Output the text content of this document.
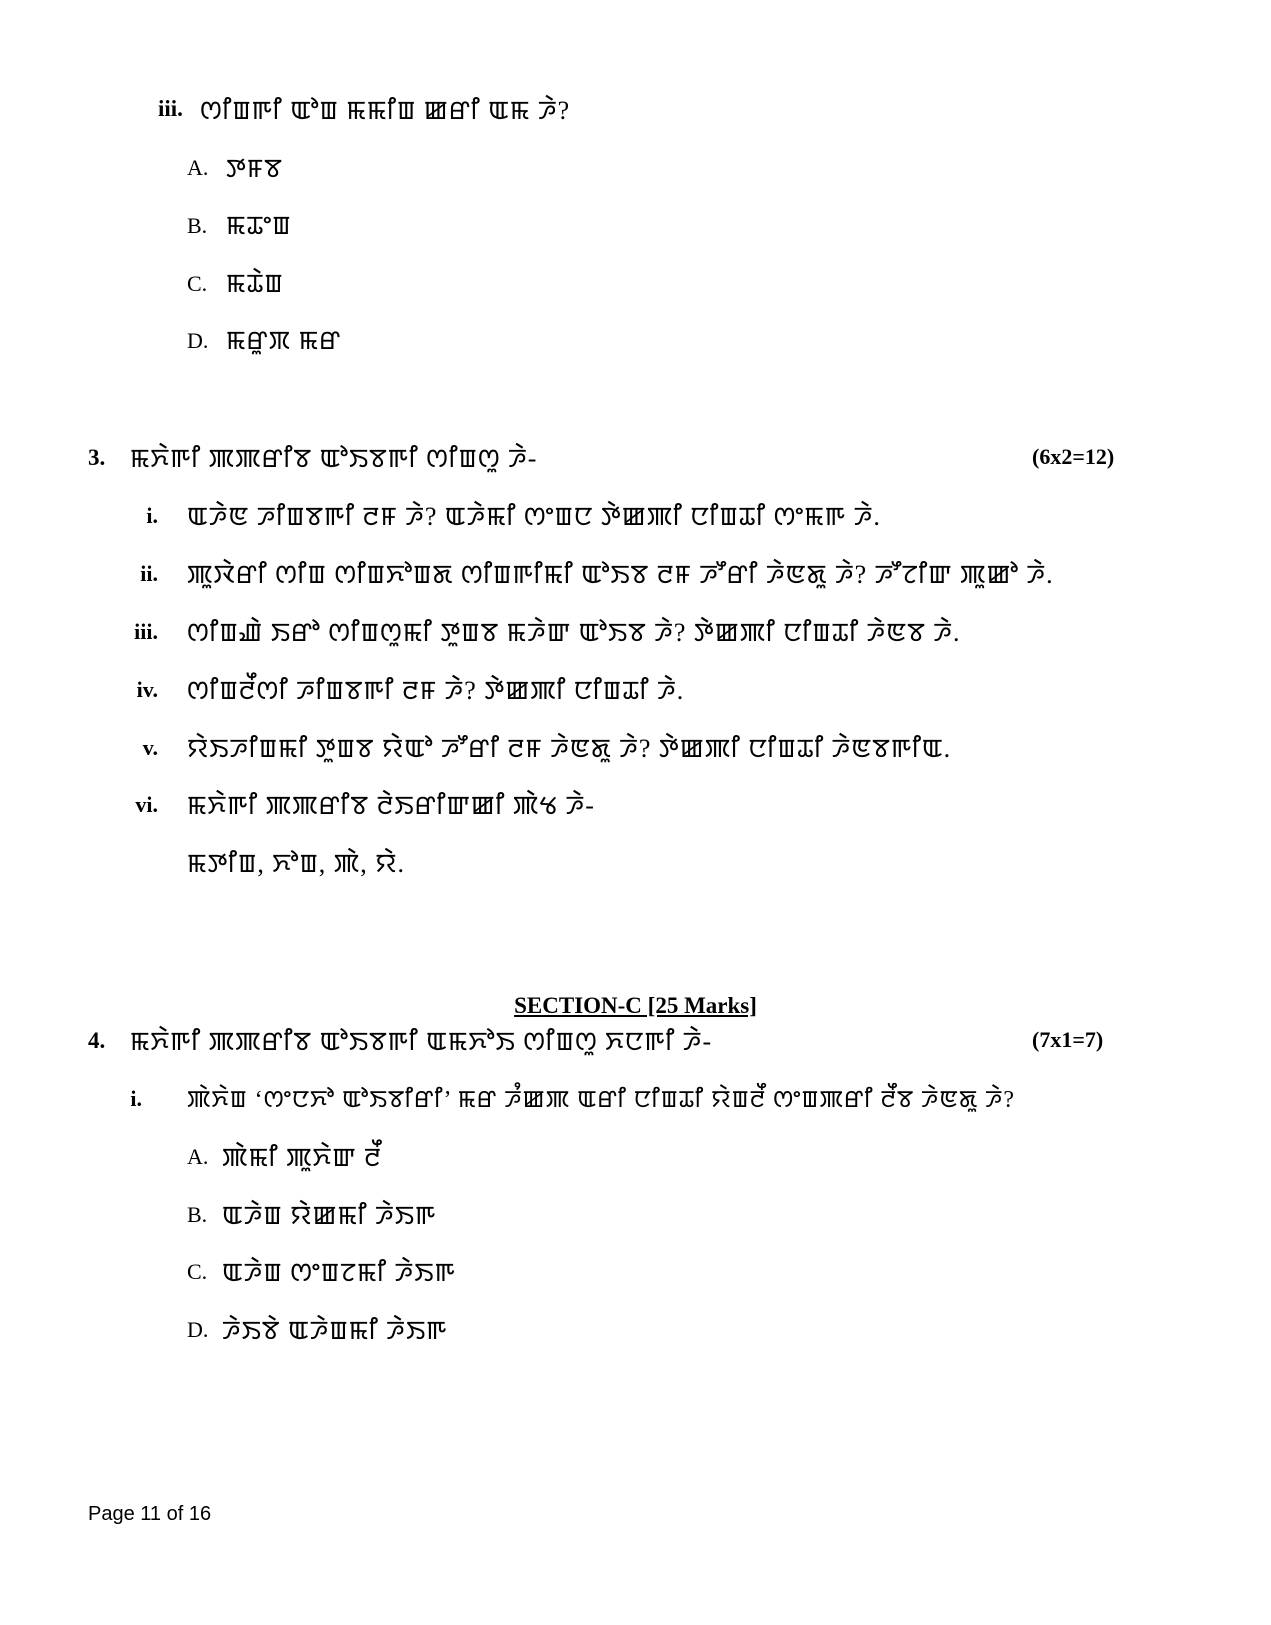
iii. ꯁꯤꯡꯒꯤ ꯑꯣꯡ ꯃꯃꯤꯡ ꯀꯔꯤ ꯑꯃ ꯍꯥ?
A. ꯇꯝꯕ
B. ꯃꯊꯦꯡ
C. ꯃꯊꯥꯡ
D. ꯃꯔꯨꯞ ꯃꯔ
3. ꯃꯈꯥꯒꯤ ꯄꯄꯔꯤꯕ ꯑꯣꯏꯕꯒꯤ ꯁꯤꯡꯁꯨ ꯍꯥ-	(6x2=12)
i. ꯑꯍꯥꯟ ꯍꯤꯡꯕꯒꯤ ꯂꯝ ꯍꯥ? ꯑꯍꯥꯃꯤ ꯁꯦꯡꯅ ꯇꯥꯀꯄꯤ ꯅꯤꯡꯊꯤ ꯁꯦꯃꯒ ꯍꯥ.
ii. ꯄꯨꯋꯥꯔꯤ ꯁꯤꯡ ꯁꯤꯡꯈꯣꯡꯗ ꯁꯤꯡꯒꯤꯃꯤ ꯑꯣꯏꯕ ꯂꯝ ꯍꯧꯔꯤ ꯍꯥꯟꯗꯨ ꯍꯥ? ꯍꯧꯖꯤꯛ ꯄꯨꯀꯣ ꯍꯥ.
iii. ꯁꯤꯡꯉꯥ ꯏꯔꯣ ꯁꯤꯡꯁꯨꯃꯤ ꯇꯨꯡꯕ ꯃꯍꯥꯛ ꯑꯣꯏꯕ ꯍꯥ? ꯇꯥꯀꯄꯤ ꯅꯤꯡꯊꯤ ꯍꯥꯟꯕ ꯍꯥ.
iv. ꯁꯤꯡꯂꯩꯁꯤ ꯍꯤꯡꯕꯒꯤ ꯂꯝ ꯍꯥ? ꯇꯥꯀꯄꯤ ꯅꯤꯡꯊꯤ ꯍꯥ.
v. ꯌꯥꯏꯍꯤꯡꯃꯤ ꯇꯨꯡꯕ ꯌꯥꯑꯣ ꯍꯧꯔꯤ ꯂꯝ ꯍꯥꯟꯗꯨ ꯍꯥ? ꯇꯥꯀꯄꯤ ꯅꯤꯡꯊꯤ ꯍꯥꯟꯕꯒꯤꯑ.
vi. ꯃꯈꯥꯒꯤ ꯄꯄꯔꯤꯕ ꯂꯥꯏꯔꯤꯛꯀꯤ ꯄꯥꯠ ꯍꯥ-
ꯃꯇꯤꯡ, ꯈꯣꯡ, ꯄꯥ, ꯌꯥ.
SECTION-C [25 Marks]
4. ꯃꯈꯥꯒꯤ ꯄꯄꯔꯤꯕ ꯑꯣꯏꯕꯒꯤ ꯑꯃꯈꯣꯏ ꯁꯤꯡꯁꯨ ꯈꯅꯒꯤ ꯍꯥ-	(7x1=7)
i. ꯄꯥꯈꯥꯡ ‘ꯁꯦꯅꯈꯣ ꯑꯣꯏꯕꯤꯔꯤ’ ꯃꯔ ꯍꯪꯀꯄ ꯑꯔꯤ ꯅꯤꯡꯊꯤ ꯌꯥꯡꯂꯩ ꯁꯦꯡꯄꯔꯤ ꯂꯩꯕ ꯍꯥꯟꯗꯨ ꯍꯥ?
A. ꯄꯥꯃꯤ ꯄꯨꯈꯥꯛ ꯂꯩ
B. ꯑꯍꯥꯡ ꯌꯥꯀꯃꯤ ꯍꯥꯏꯒ
C. ꯑꯍꯥꯡ ꯁꯦꯡꯖꯃꯤ ꯍꯥꯏꯒ
D. ꯍꯥꯏꯕꯥ ꯑꯍꯥꯡꯃꯤ ꯍꯥꯏꯒ
Page 11 of 16
